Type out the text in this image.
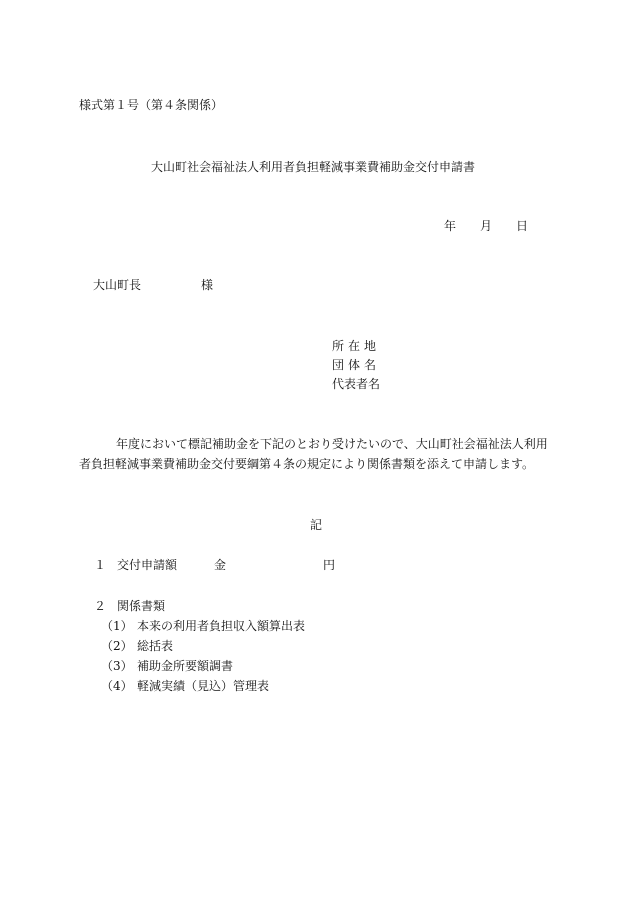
様式第１号（第４条関係）
大山町社会福祉法人利用者負担軽減事業費補助金交付申請書
年 月 日
大山町長	様
所在地
団体名
代表者名
年度において標記補助金を下記のとおり受けたいので、大山町社会福祉法人利用
者負担軽減事業費補助金交付要綱第４条の規定により関係書類を添えて申請します。
記
１ 交付申請額	金	円
２ 関係書類
（1） 本来の利用者負担収入額算出表
（2） 総括表
（3） 補助金所要額調書
（4） 軽減実績（見込）管理表
